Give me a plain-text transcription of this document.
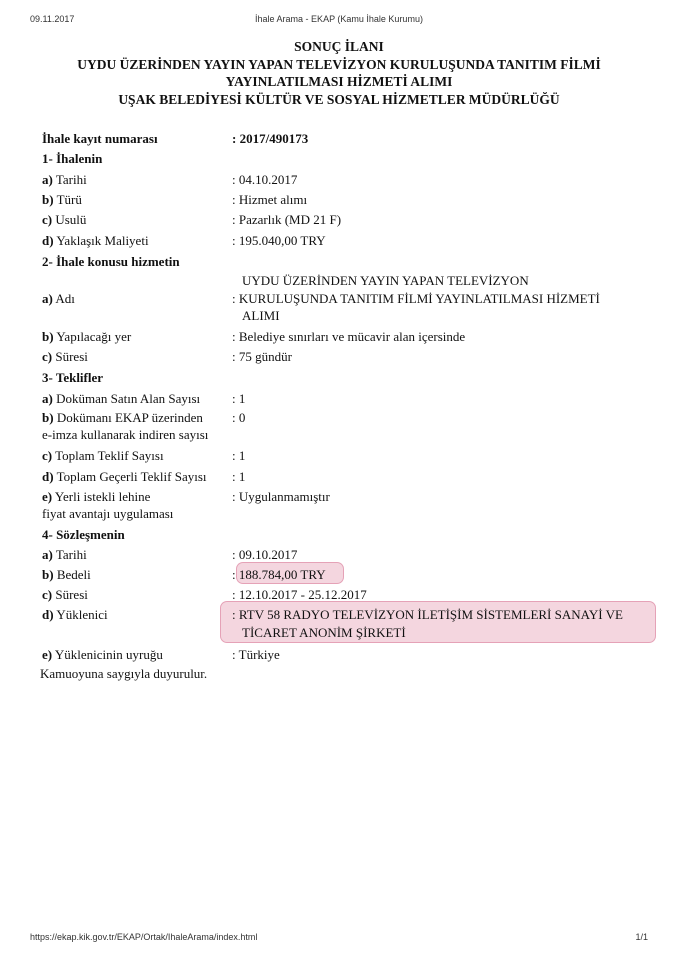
09.11.2017	İhale Arama - EKAP (Kamu İhale Kurumu)
SONUÇ İLANI
UYDU ÜZERİNDEN YAYIN YAPAN TELEVİZYON KURULUŞUNDA TANITIM FİLMİ
YAYINLATILMASI HİZMETİ ALIMI
UŞAK BELEDİYESİ KÜLTÜR VE SOSYAL HİZMETLER MÜDÜRLÜĞÜ
İhale kayıt numarası	: 2017/490173
1- İhalenin
a) Tarihi	: 04.10.2017
b) Türü	: Hizmet alımı
c) Usulü	: Pazarlık (MD 21 F)
d) Yaklaşık Maliyeti	: 195.040,00 TRY
2- İhale konusu hizmetin
UYDU ÜZERİNDEN YAYIN YAPAN TELEVİZYON
a) Adı	: KURULUŞUNDA TANITIM FİLMİ YAYINLATILMASI HİZMETİ
ALIMI
b) Yapılacağı yer	: Belediye sınırları ve mücavir alan içersinde
c) Süresi	: 75 gündür
3- Teklifler
a) Doküman Satın Alan Sayısı : 1
b) Dokümanı EKAP üzerinden
e-imza kullanarak indiren sayısı
: 0
c) Toplam Teklif Sayısı	: 1
d) Toplam Geçerli Teklif Sayısı : 1
e) Yerli istekli lehine
fiyat avantajı uygulaması
: Uygulanmamıştır
4- Sözleşmenin
a) Tarihi	: 09.10.2017
b) Bedeli	: 188.784,00 TRY
c) Süresi	: 12.10.2017 - 25.12.2017
d) Yüklenici	: RTV 58 RADYO TELEVİZYON İLETİŞİM SİSTEMLERİ SANAYİ VE
TİCARET ANONİM ŞİRKETİ
e) Yüklenicinin uyruğu	: Türkiye
Kamuoyuna saygıyla duyurulur.
https://ekap.kik.gov.tr/EKAP/Ortak/IhaleArama/index.html	1/1
